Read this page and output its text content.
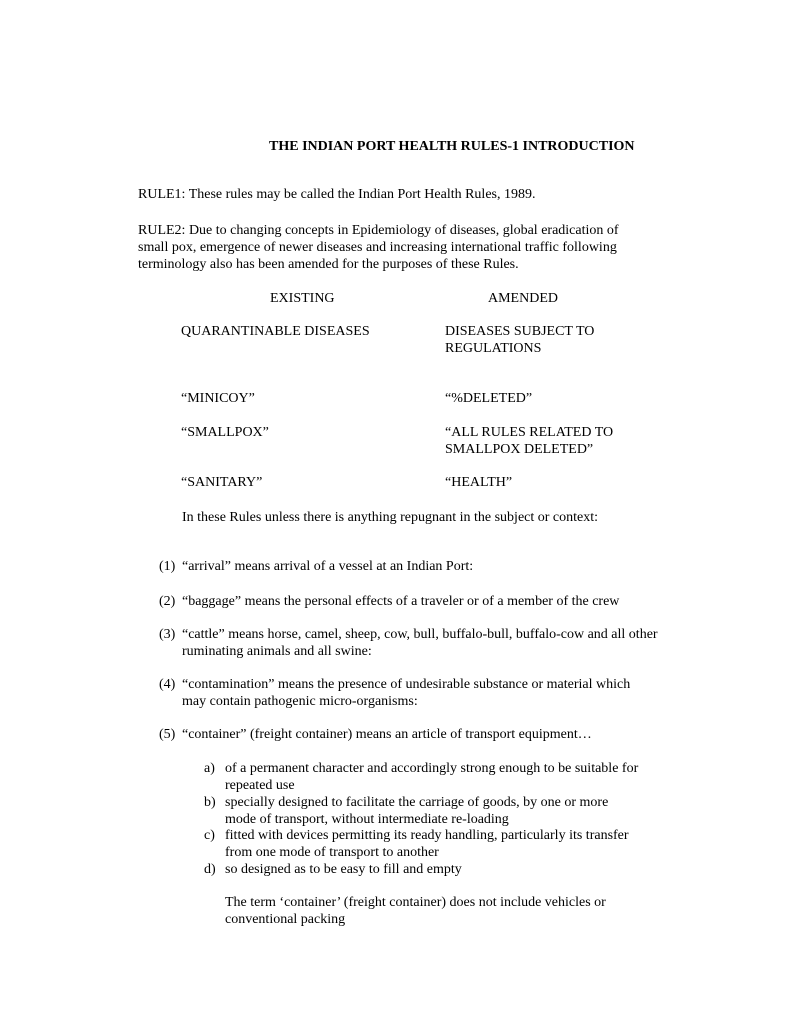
THE INDIAN PORT HEALTH RULES-1 INTRODUCTION
RULE1: These rules may be called the Indian Port Health Rules, 1989.
RULE2: Due to changing concepts in Epidemiology of diseases, global eradication of small pox, emergence of newer diseases and increasing international traffic following terminology also has been amended for the purposes of these Rules.
EXISTING	AMENDED
QUARANTINABLE DISEASES	DISEASES SUBJECT TO
REGULATIONS
“MINICOY”	“%DELETED”
“SMALLPOX”	“ALL RULES RELATED TO
SMALLPOX DELETED”
“SANITARY”	“HEALTH”
In these Rules unless there is anything repugnant in the subject or context:
(1) “arrival” means arrival of a vessel at an Indian Port:
(2) “baggage” means the personal effects of a traveler or of a member of the crew
(3) “cattle” means horse, camel, sheep, cow, bull, buffalo-bull, buffalo-cow and all other ruminating animals and all swine:
(4) “contamination” means the presence of undesirable substance or material which may contain pathogenic micro-organisms:
(5) “container” (freight container) means an article of transport equipment…
a) of a permanent character and accordingly strong enough to be suitable for repeated use
b) specially designed to facilitate the carriage of goods, by one or more mode of transport, without intermediate re-loading
c) fitted with devices permitting its ready handling, particularly its transfer from one mode of transport to another
d) so designed as to be easy to fill and empty
The term ‘container’ (freight container) does not include vehicles or conventional packing
